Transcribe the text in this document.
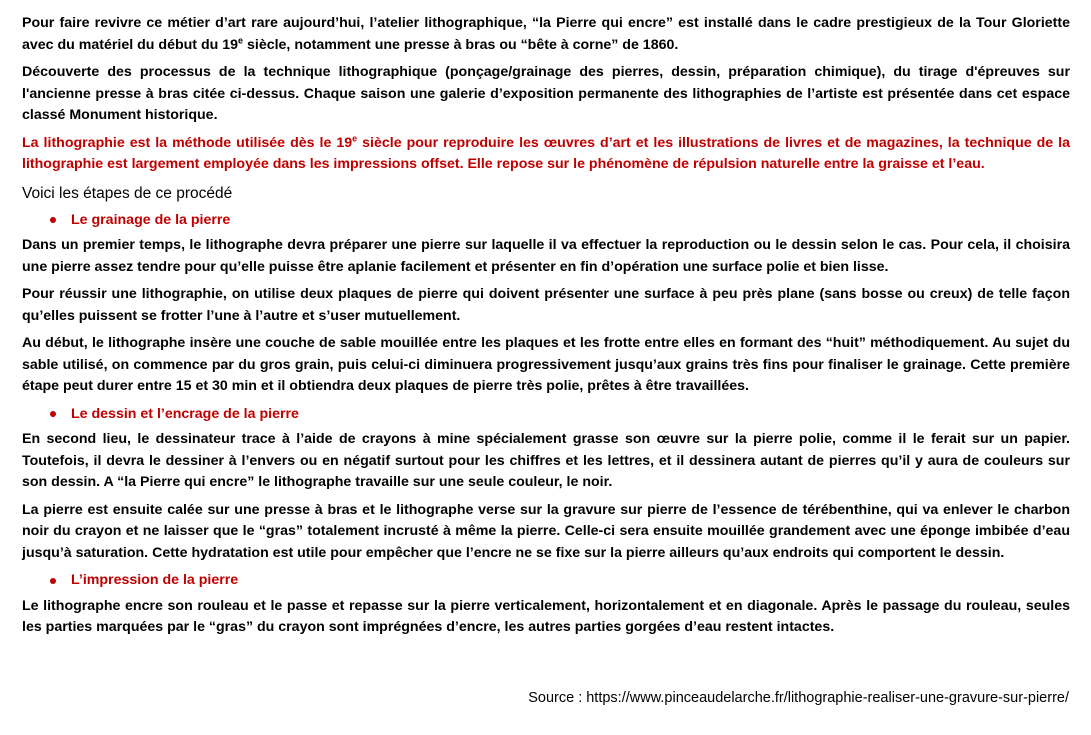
Pour faire revivre ce métier d’art rare aujourd’hui, l’atelier lithographique, “la Pierre qui encre” est installé dans le cadre prestigieux de la Tour Gloriette avec du matériel du début du 19e siècle, notamment une presse à bras ou “bête à corne” de 1860.

Découverte des processus de la technique lithographique (ponçage/grainage des pierres, dessin, préparation chimique), du tirage d'épreuves sur l'ancienne presse à bras citée ci-dessus. Chaque saison une galerie d’exposition permanente des lithographies de l’artiste est présentée dans cet espace classé Monument historique.

La lithographie est la méthode utilisée dès le 19e siècle pour reproduire les œuvres d’art et les illustrations de livres et de magazines, la technique de la lithographie est largement employée dans les impressions offset. Elle repose sur le phénomène de répulsion naturelle entre la graisse et l’eau.

Voici les étapes de ce procédé

Le grainage de la pierre

Dans un premier temps, le lithographe devra préparer une pierre sur laquelle il va effectuer la reproduction ou le dessin selon le cas. Pour cela, il choisira une pierre assez tendre pour qu’elle puisse être aplanie facilement et présenter en fin d’opération une surface polie et bien lisse.

Pour réussir une lithographie, on utilise deux plaques de pierre qui doivent présenter une surface à peu près plane (sans bosse ou creux) de telle façon qu’elles puissent se frotter l’une à l’autre et s’user mutuellement.

Au début, le lithographe insère une couche de sable mouillée entre les plaques et les frotte entre elles en formant des “huit” méthodiquement. Au sujet du sable utilisé, on commence par du gros grain, puis celui-ci diminuera progressivement jusqu’aux grains très fins pour finaliser le grainage. Cette première étape peut durer entre 15 et 30 min et il obtiendra deux plaques de pierre très polie, prêtes à être travaillées.

Le dessin et l’encrage de la pierre

En second lieu, le dessinateur trace à l’aide de crayons à mine spécialement grasse son œuvre sur la pierre polie, comme il le ferait sur un papier. Toutefois, il devra le dessiner à l’envers ou en négatif surtout pour les chiffres et les lettres, et il dessinera autant de pierres qu’il y aura de couleurs sur son dessin. A “la Pierre qui encre” le lithographe travaille sur une seule couleur, le noir.

La pierre est ensuite calée sur une presse à bras et le lithographe verse sur la gravure sur pierre de l’essence de térébenthine, qui va enlever le charbon noir du crayon et ne laisser que le “gras” totalement incrusté à même la pierre. Celle-ci sera ensuite mouillée grandement avec une éponge imbibée d’eau jusqu’à saturation. Cette hydratation est utile pour empêcher que l’encre ne se fixe sur la pierre ailleurs qu’aux endroits qui comportent le dessin.

L’impression de la pierre

Le lithographe encre son rouleau et le passe et repasse sur la pierre verticalement, horizontalement et en diagonale. Après le passage du rouleau, seules les parties marquées par le “gras” du crayon sont imprégnées d’encre, les autres parties gorgées d’eau restent intactes.

Source : https://www.pinceaudelarche.fr/lithographie-realiser-une-gravure-sur-pierre/
